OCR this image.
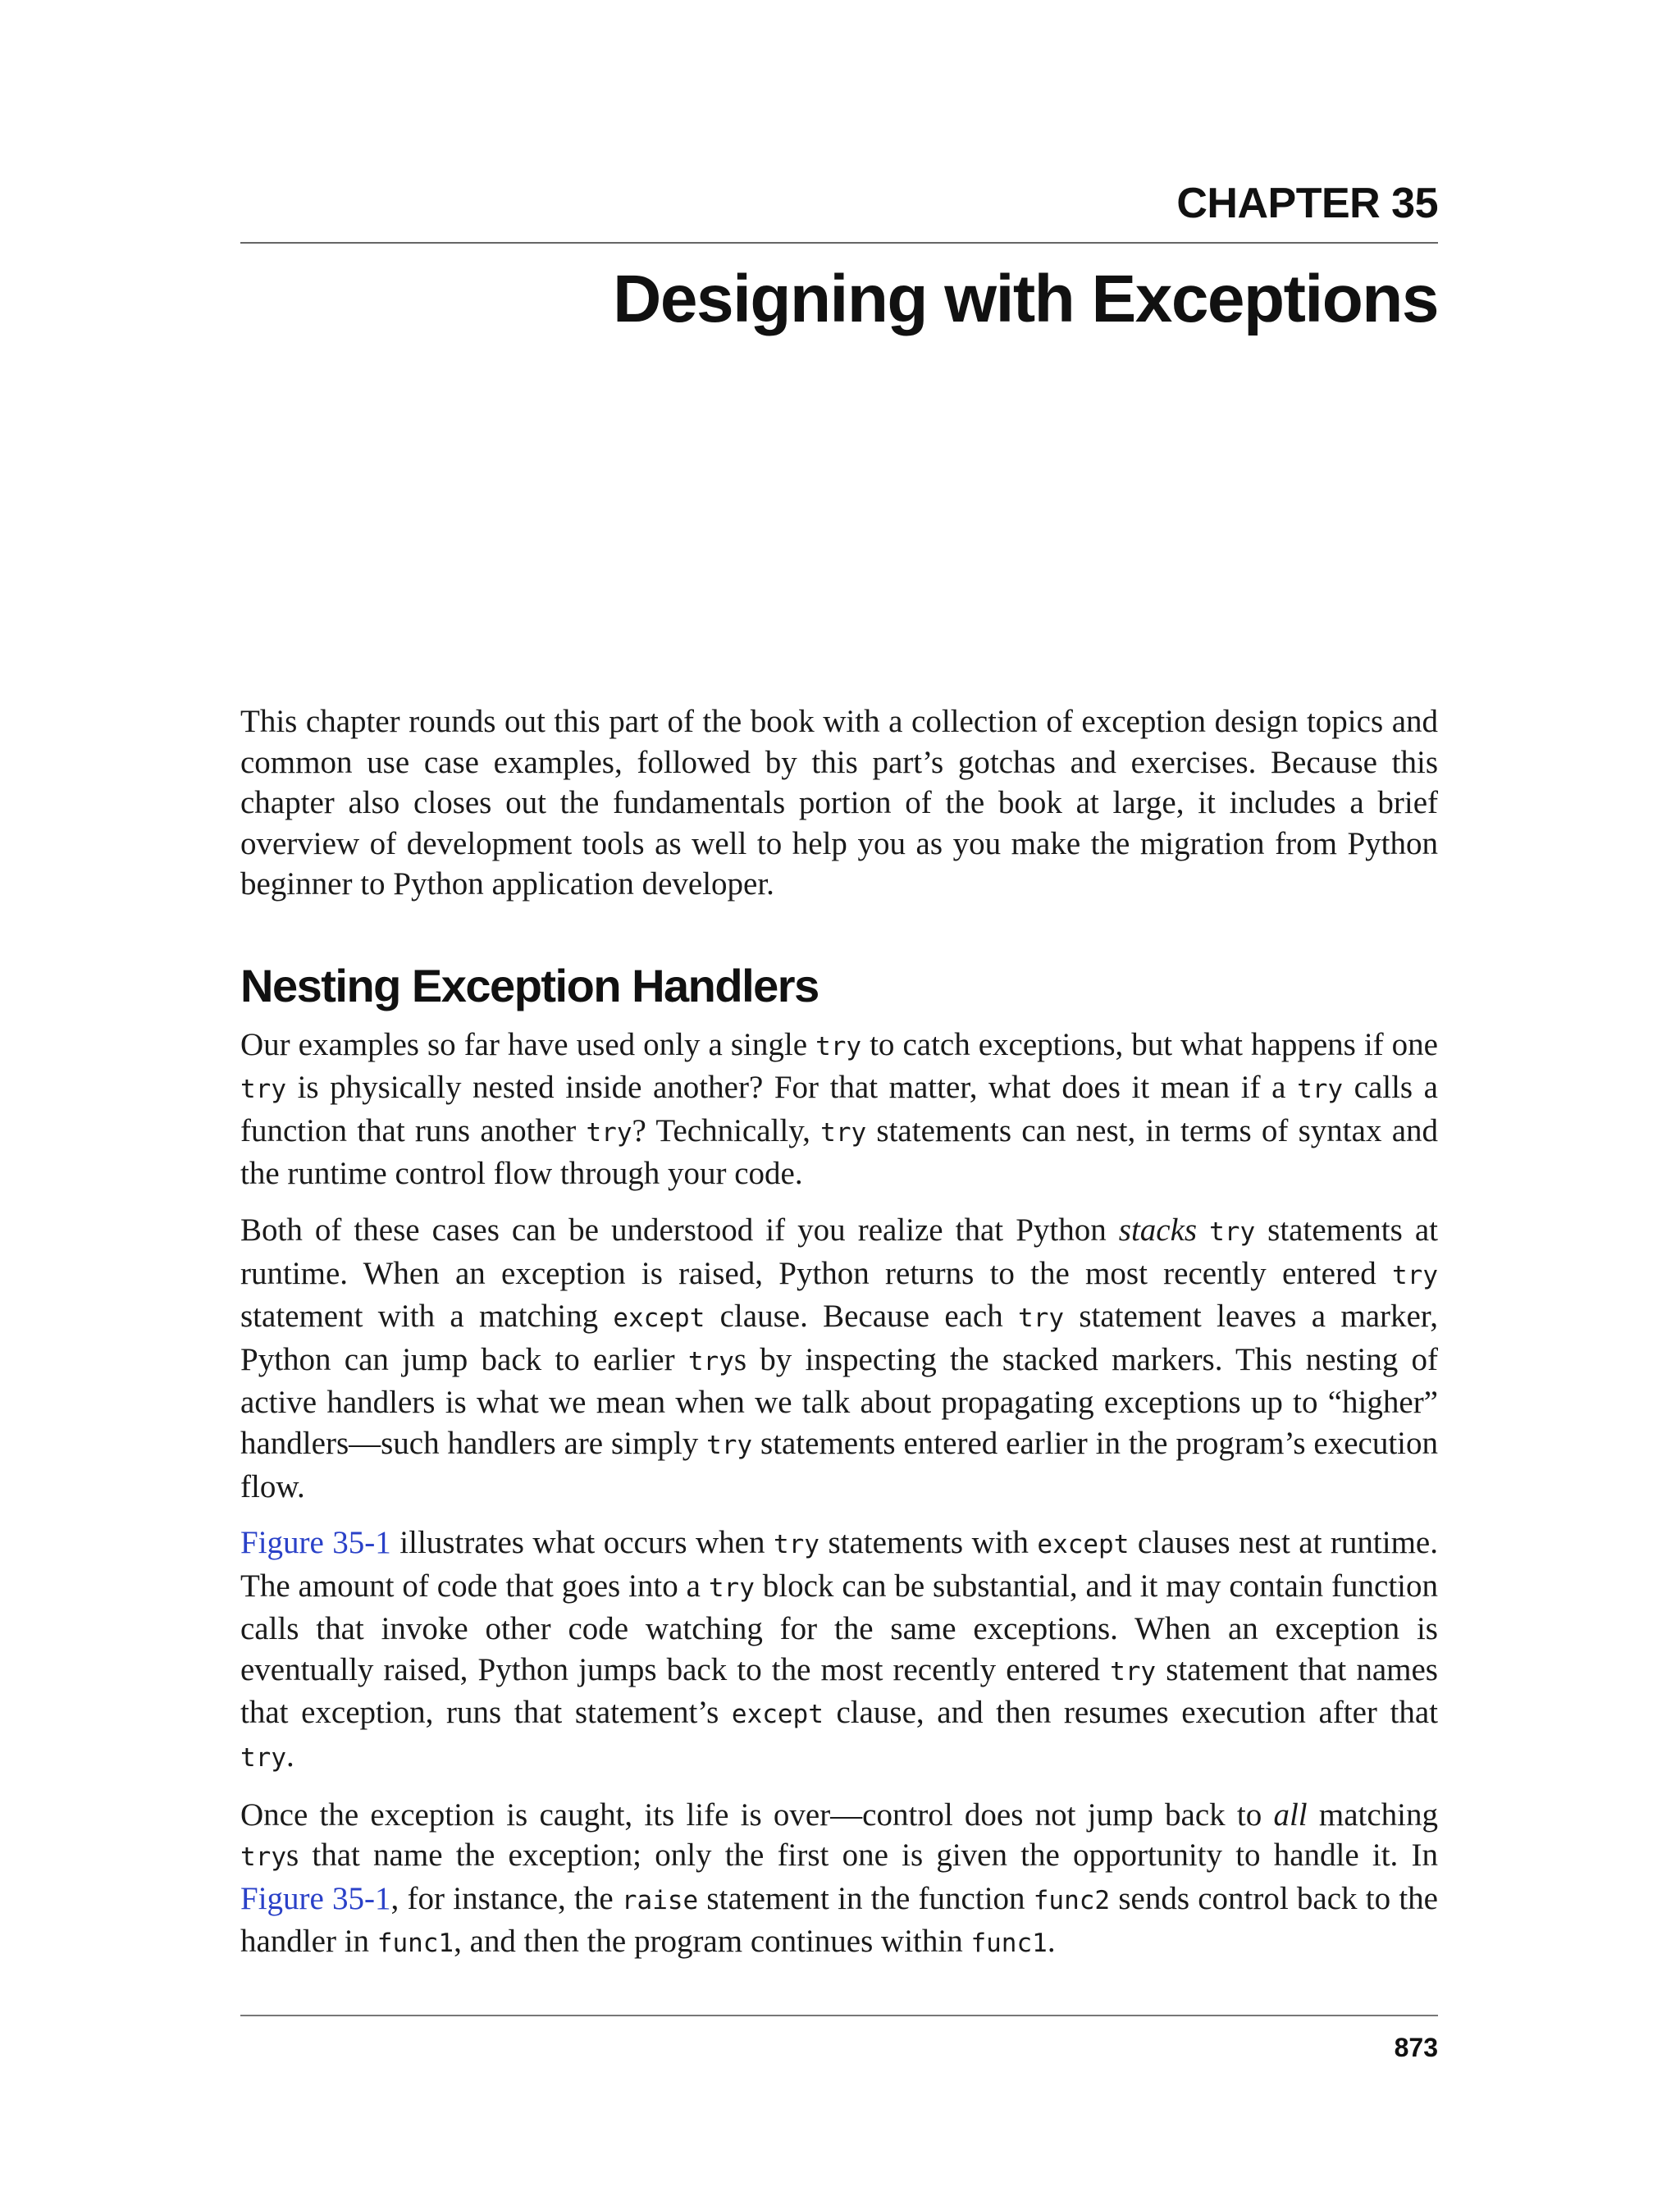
CHAPTER 35
Designing with Exceptions

This chapter rounds out this part of the book with a collection of exception design topics and common use case examples, followed by this part’s gotchas and exercises. Because this chapter also closes out the fundamentals portion of the book at large, it includes a brief overview of development tools as well to help you as you make the migration from Python beginner to Python application developer.

Nesting Exception Handlers

Our examples so far have used only a single try to catch exceptions, but what happens if one try is physically nested inside another? For that matter, what does it mean if a try calls a function that runs another try? Technically, try statements can nest, in terms of syntax and the runtime control flow through your code.

Both of these cases can be understood if you realize that Python stacks try statements at runtime. When an exception is raised, Python returns to the most recently entered try statement with a matching except clause. Because each try statement leaves a marker, Python can jump back to earlier trys by inspecting the stacked markers. This nesting of active handlers is what we mean when we talk about propagating exceptions up to “higher” handlers—such handlers are simply try statements entered earlier in the program’s execution flow.

Figure 35-1 illustrates what occurs when try statements with except clauses nest at runtime. The amount of code that goes into a try block can be substantial, and it may contain function calls that invoke other code watching for the same exceptions. When an exception is eventually raised, Python jumps back to the most recently entered try statement that names that exception, runs that statement’s except clause, and then resumes execution after that try.

Once the exception is caught, its life is over—control does not jump back to all matching trys that name the exception; only the first one is given the opportunity to handle it. In Figure 35-1, for instance, the raise statement in the function func2 sends control back to the handler in func1, and then the program continues within func1.

873
